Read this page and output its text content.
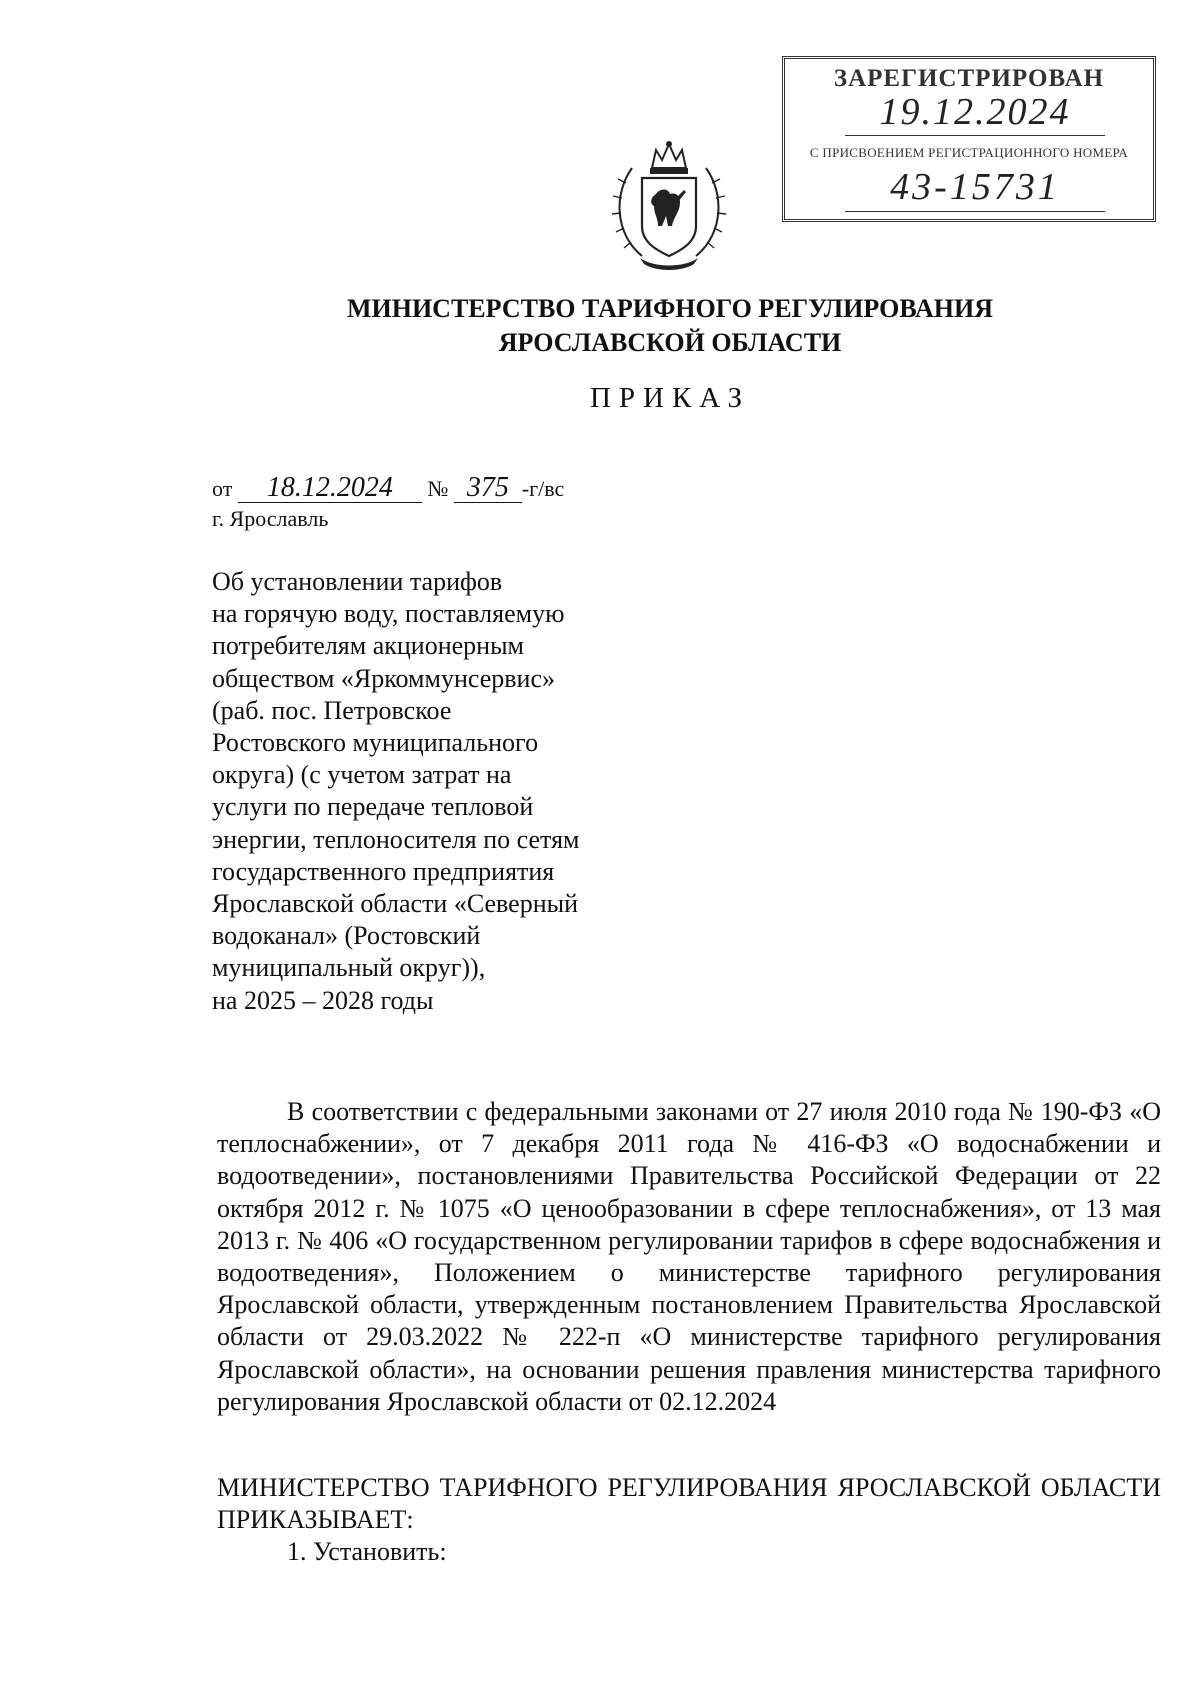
ЗАРЕГИСТРИРОВАН
19.12.2024
С ПРИСВОЕНИЕМ РЕГИСТРАЦИОННОГО НОМЕРА
43-15731
МИНИСТЕРСТВО ТАРИФНОГО РЕГУЛИРОВАНИЯ
ЯРОСЛАВСКОЙ ОБЛАСТИ
ПРИКАЗ
от 18.12.2024 № 375 -г/вс
г. Ярославль
Об установлении тарифов
на горячую воду, поставляемую
потребителям акционерным
обществом «Яркоммунсервис»
(раб. пос. Петровское
Ростовского муниципального
округа) (с учетом затрат на
услуги по передаче тепловой
энергии, теплоносителя по сетям
государственного предприятия
Ярославской области «Северный
водоканал» (Ростовский
муниципальный округ)),
на 2025 – 2028 годы

В соответствии с федеральными законами от 27 июля 2010 года № 190-ФЗ «О теплоснабжении», от 7 декабря 2011 года № 416-ФЗ «О водоснабжении и водоотведении», постановлениями Правительства Российской Федерации от 22 октября 2012 г. № 1075 «О ценообразовании в сфере теплоснабжения», от 13 мая 2013 г. № 406 «О государственном регулировании тарифов в сфере водоснабжения и водоотведения», Положением о министерстве тарифного регулирования Ярославской области, утвержденным постановлением Правительства Ярославской области от 29.03.2022 № 222-п «О министерстве тарифного регулирования Ярославской области», на основании решения правления министерства тарифного регулирования Ярославской области от 02.12.2024

МИНИСТЕРСТВО ТАРИФНОГО РЕГУЛИРОВАНИЯ ЯРОСЛАВСКОЙ ОБЛАСТИ ПРИКАЗЫВАЕТ:

1. Установить:
